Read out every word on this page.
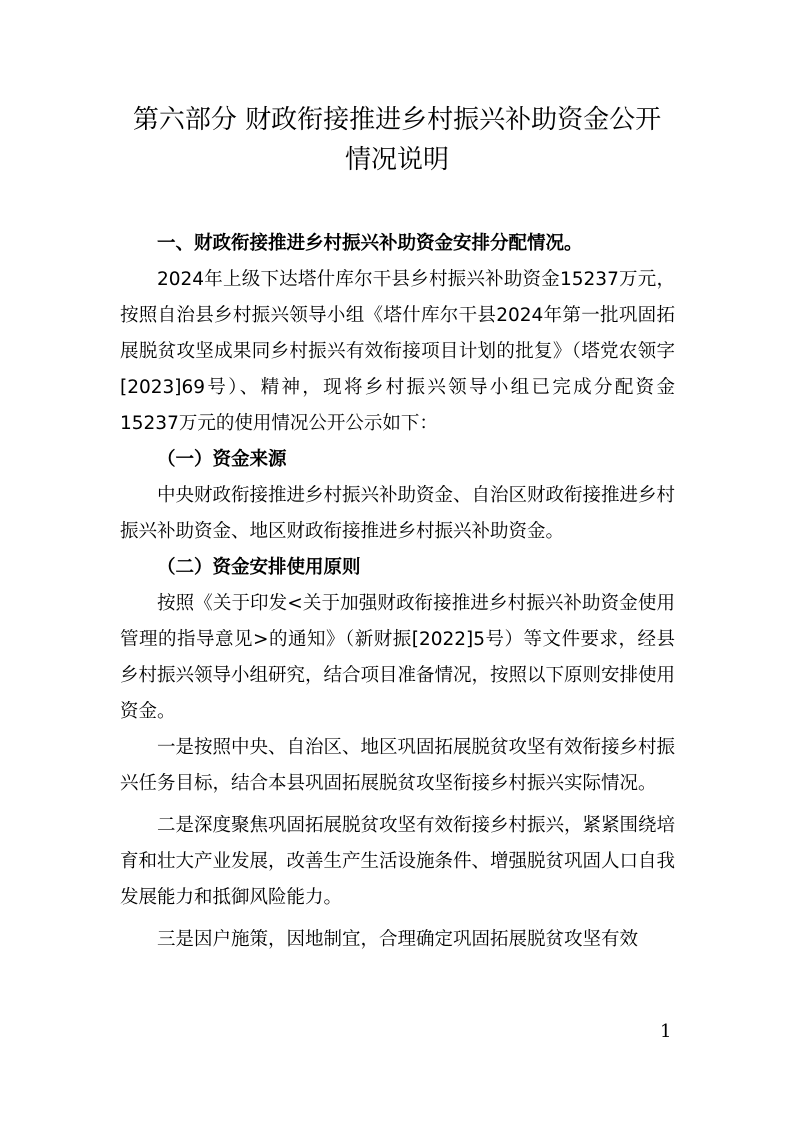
第六部分 财政衔接推进乡村振兴补助资金公开
情况说明

一、财政衔接推进乡村振兴补助资金安排分配情况。

2024年上级下达塔什库尔干县乡村振兴补助资金15237万元，按照自治县乡村振兴领导小组《塔什库尔干县2024年第一批巩固拓展脱贫攻坚成果同乡村振兴有效衔接项目计划的批复》（塔党农领字[2023]69号）、精神，现将乡村振兴领导小组已完成分配资金15237万元的使用情况公开公示如下：

（一）资金来源

中央财政衔接推进乡村振兴补助资金、自治区财政衔接推进乡村振兴补助资金、地区财政衔接推进乡村振兴补助资金。

（二）资金安排使用原则

按照《关于印发<关于加强财政衔接推进乡村振兴补助资金使用管理的指导意见>的通知》（新财振[2022]5号）等文件要求，经县乡村振兴领导小组研究，结合项目准备情况，按照以下原则安排使用资金。

一是按照中央、自治区、地区巩固拓展脱贫攻坚有效衔接乡村振兴任务目标，结合本县巩固拓展脱贫攻坚衔接乡村振兴实际情况。

二是深度聚焦巩固拓展脱贫攻坚有效衔接乡村振兴，紧紧围绕培育和壮大产业发展，改善生产生活设施条件、增强脱贫巩固人口自我发展能力和抵御风险能力。

三是因户施策，因地制宜，合理确定巩固拓展脱贫攻坚有效

1
